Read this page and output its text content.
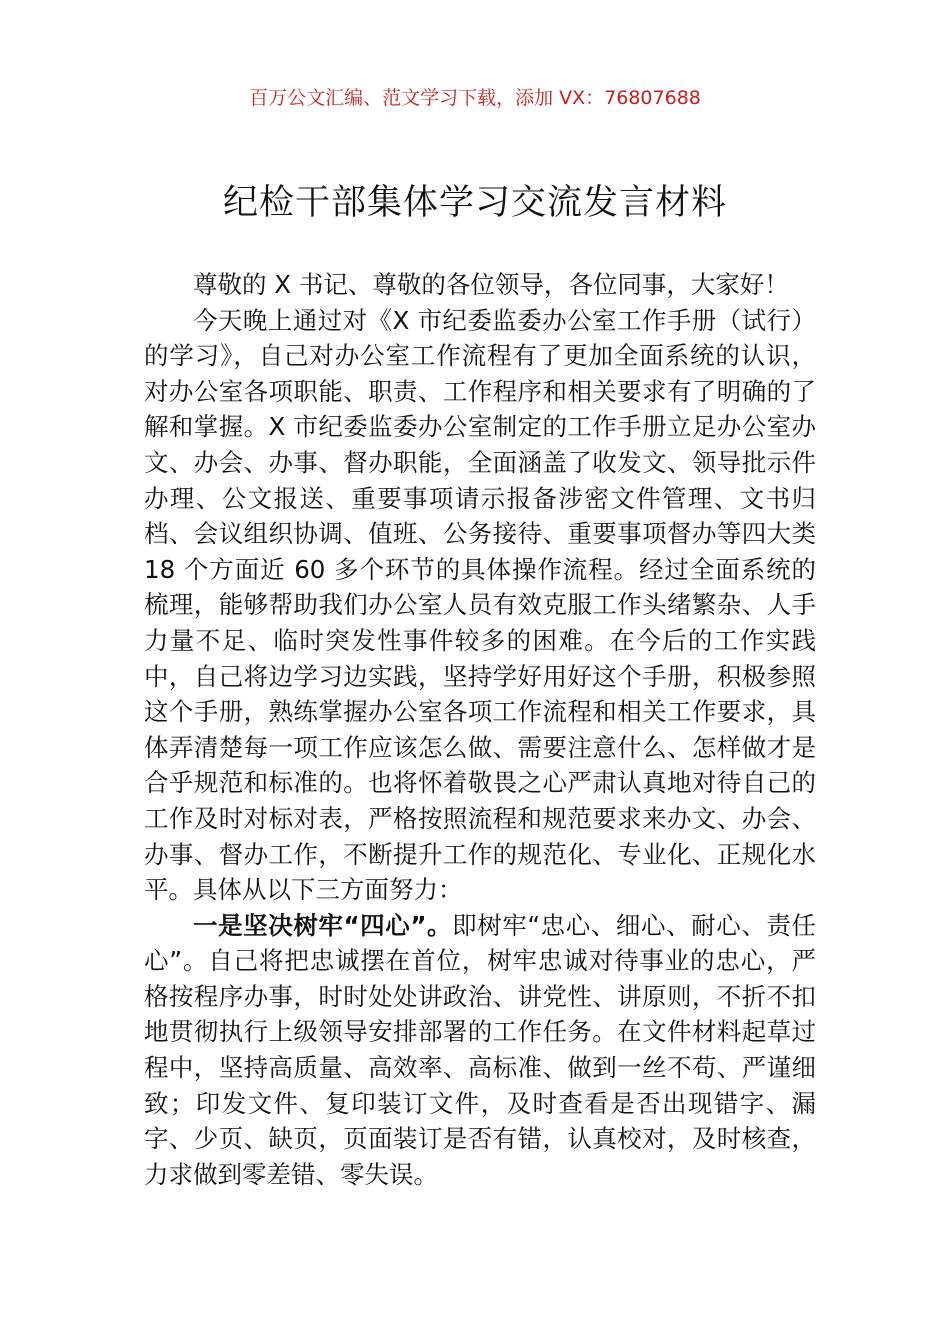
百万公文汇编、范文学习下载，添加 VX：76807688
纪检干部集体学习交流发言材料

尊敬的 X 书记、尊敬的各位领导，各位同事，大家好！

今天晚上通过对《X 市纪委监委办公室工作手册（试行）的学习》，自己对办公室工作流程有了更加全面系统的认识，对办公室各项职能、职责、工作程序和相关要求有了明确的了解和掌握。X 市纪委监委办公室制定的工作手册立足办公室办文、办会、办事、督办职能，全面涵盖了收发文、领导批示件办理、公文报送、重要事项请示报备涉密文件管理、文书归档、会议组织协调、值班、公务接待、重要事项督办等四大类 18 个方面近 60 多个环节的具体操作流程。经过全面系统的梳理，能够帮助我们办公室人员有效克服工作头绪繁杂、人手力量不足、临时突发性事件较多的困难。在今后的工作实践中，自己将边学习边实践，坚持学好用好这个手册，积极参照这个手册，熟练掌握办公室各项工作流程和相关工作要求，具体弄清楚每一项工作应该怎么做、需要注意什么、怎样做才是合乎规范和标准的。也将怀着敬畏之心严肃认真地对待自己的工作及时对标对表，严格按照流程和规范要求来办文、办会、办事、督办工作，不断提升工作的规范化、专业化、正规化水平。具体从以下三方面努力：

一是坚决树牢“四心”。即树牢“忠心、细心、耐心、责任心”。自己将把忠诚摆在首位，树牢忠诚对待事业的忠心，严格按程序办事，时时处处讲政治、讲党性、讲原则，不折不扣地贯彻执行上级领导安排部署的工作任务。在文件材料起草过程中，坚持高质量、高效率、高标准、做到一丝不苟、严谨细致；印发文件、复印装订文件，及时查看是否出现错字、漏字、少页、缺页，页面装订是否有错，认真校对，及时核查，力求做到零差错、零失误。
